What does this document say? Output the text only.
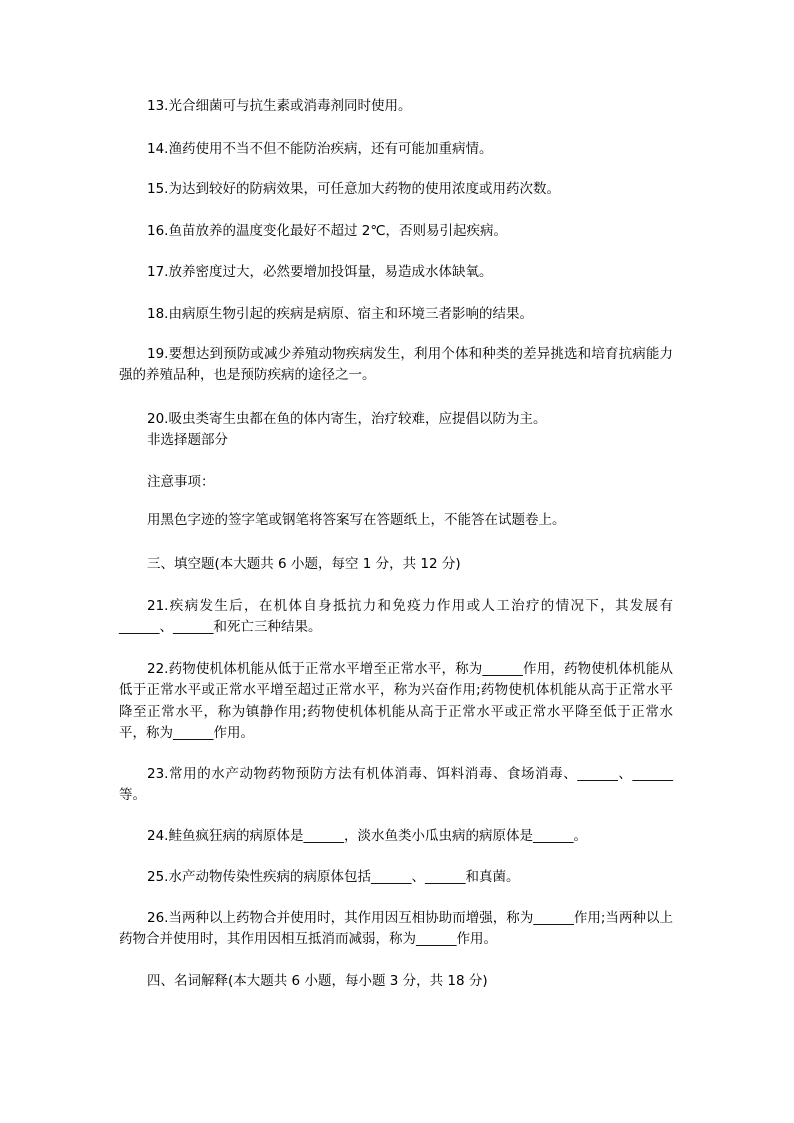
13.光合细菌可与抗生素或消毒剂同时使用。

14.渔药使用不当不但不能防治疾病，还有可能加重病情。

15.为达到较好的防病效果，可任意加大药物的使用浓度或用药次数。

16.鱼苗放养的温度变化最好不超过 2℃，否则易引起疾病。

17.放养密度过大，必然要增加投饵量，易造成水体缺氧。

18.由病原生物引起的疾病是病原、宿主和环境三者影响的结果。

19.要想达到预防或减少养殖动物疾病发生，利用个体和种类的差异挑选和培育抗病能力强的养殖品种，也是预防疾病的途径之一。

20.吸虫类寄生虫都在鱼的体内寄生，治疗较难，应提倡以防为主。

非选择题部分

注意事项：

用黑色字迹的签字笔或钢笔将答案写在答题纸上，不能答在试题卷上。

三、填空题(本大题共 6 小题，每空 1 分，共 12 分)

21.疾病发生后，在机体自身抵抗力和免疫力作用或人工治疗的情况下，其发展有______、______和死亡三种结果。

22.药物使机体机能从低于正常水平增至正常水平，称为______作用，药物使机体机能从低于正常水平或正常水平增至超过正常水平，称为兴奋作用;药物使机体机能从高于正常水平降至正常水平，称为镇静作用;药物使机体机能从高于正常水平或正常水平降至低于正常水平，称为______作用。

23.常用的水产动物药物预防方法有机体消毒、饵料消毒、食场消毒、______、______等。

24.鲑鱼疯狂病的病原体是______，淡水鱼类小瓜虫病的病原体是______。

25.水产动物传染性疾病的病原体包括______、______和真菌。

26.当两种以上药物合并使用时，其作用因互相协助而增强，称为______作用;当两种以上药物合并使用时，其作用因相互抵消而减弱，称为______作用。

四、名词解释(本大题共 6 小题，每小题 3 分，共 18 分)
